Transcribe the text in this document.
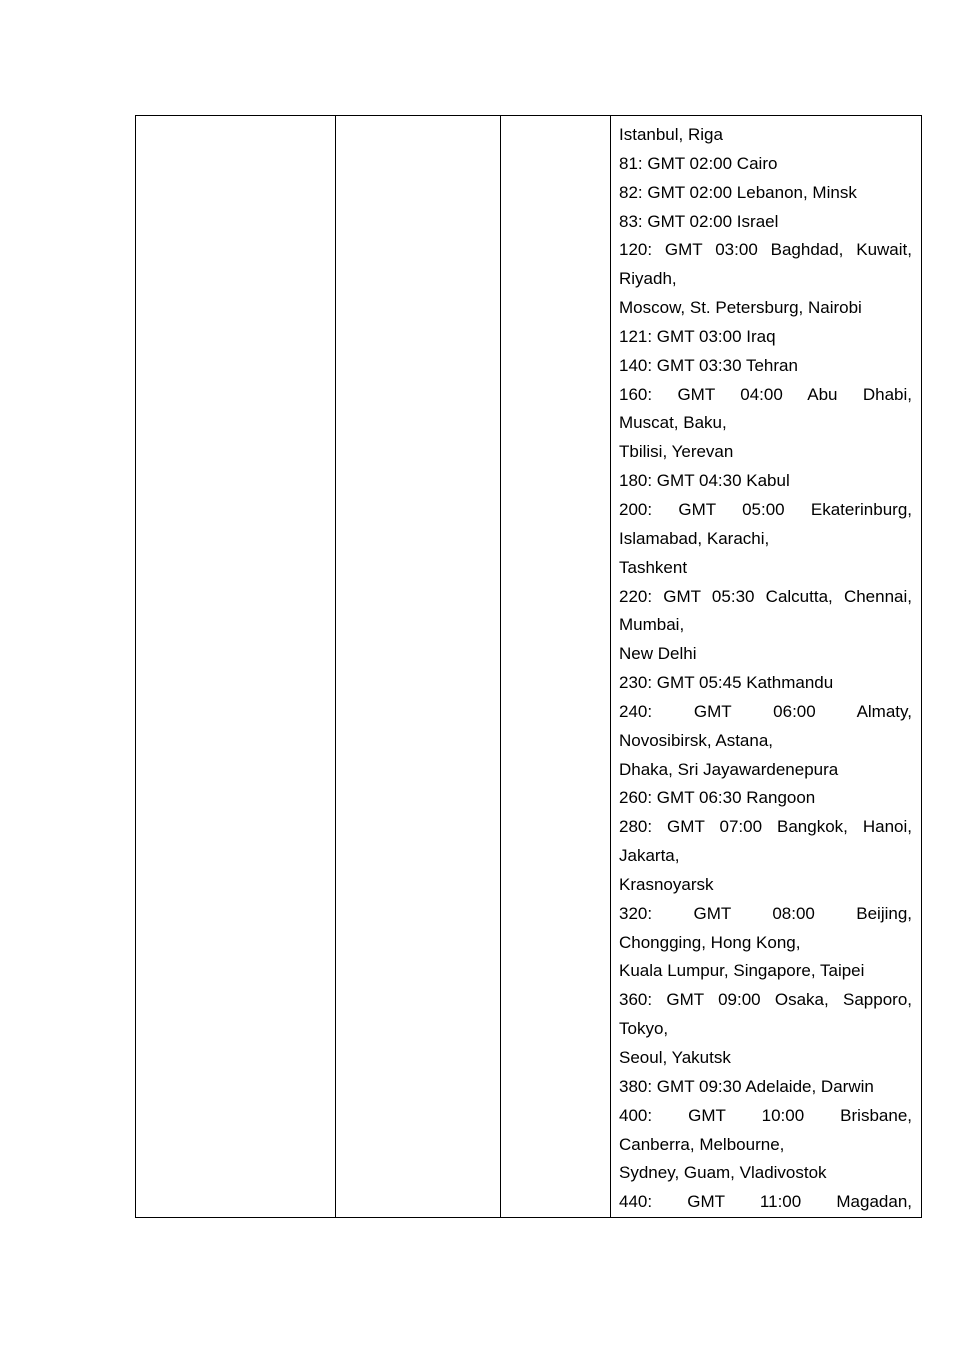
Istanbul, Riga
81: GMT 02:00 Cairo
82: GMT 02:00 Lebanon, Minsk
83: GMT 02:00 Israel
120: GMT 03:00 Baghdad, Kuwait,
Riyadh,
Moscow, St. Petersburg, Nairobi
121: GMT 03:00 Iraq
140: GMT 03:30 Tehran
160: GMT 04:00 Abu Dhabi,
Muscat, Baku,
Tbilisi, Yerevan
180: GMT 04:30 Kabul
200: GMT 05:00 Ekaterinburg,
Islamabad, Karachi,
Tashkent
220: GMT 05:30 Calcutta, Chennai,
Mumbai,
New Delhi
230: GMT 05:45 Kathmandu
240: GMT 06:00 Almaty,
Novosibirsk, Astana,
Dhaka, Sri Jayawardenepura
260: GMT 06:30 Rangoon
280: GMT 07:00 Bangkok, Hanoi,
Jakarta,
Krasnoyarsk
320: GMT 08:00 Beijing,
Chongging, Hong Kong,
Kuala Lumpur, Singapore, Taipei
360: GMT 09:00 Osaka, Sapporo,
Tokyo,
Seoul, Yakutsk
380: GMT 09:30 Adelaide, Darwin
400: GMT 10:00 Brisbane,
Canberra, Melbourne,
Sydney, Guam, Vladivostok
440: GMT 11:00 Magadan,
